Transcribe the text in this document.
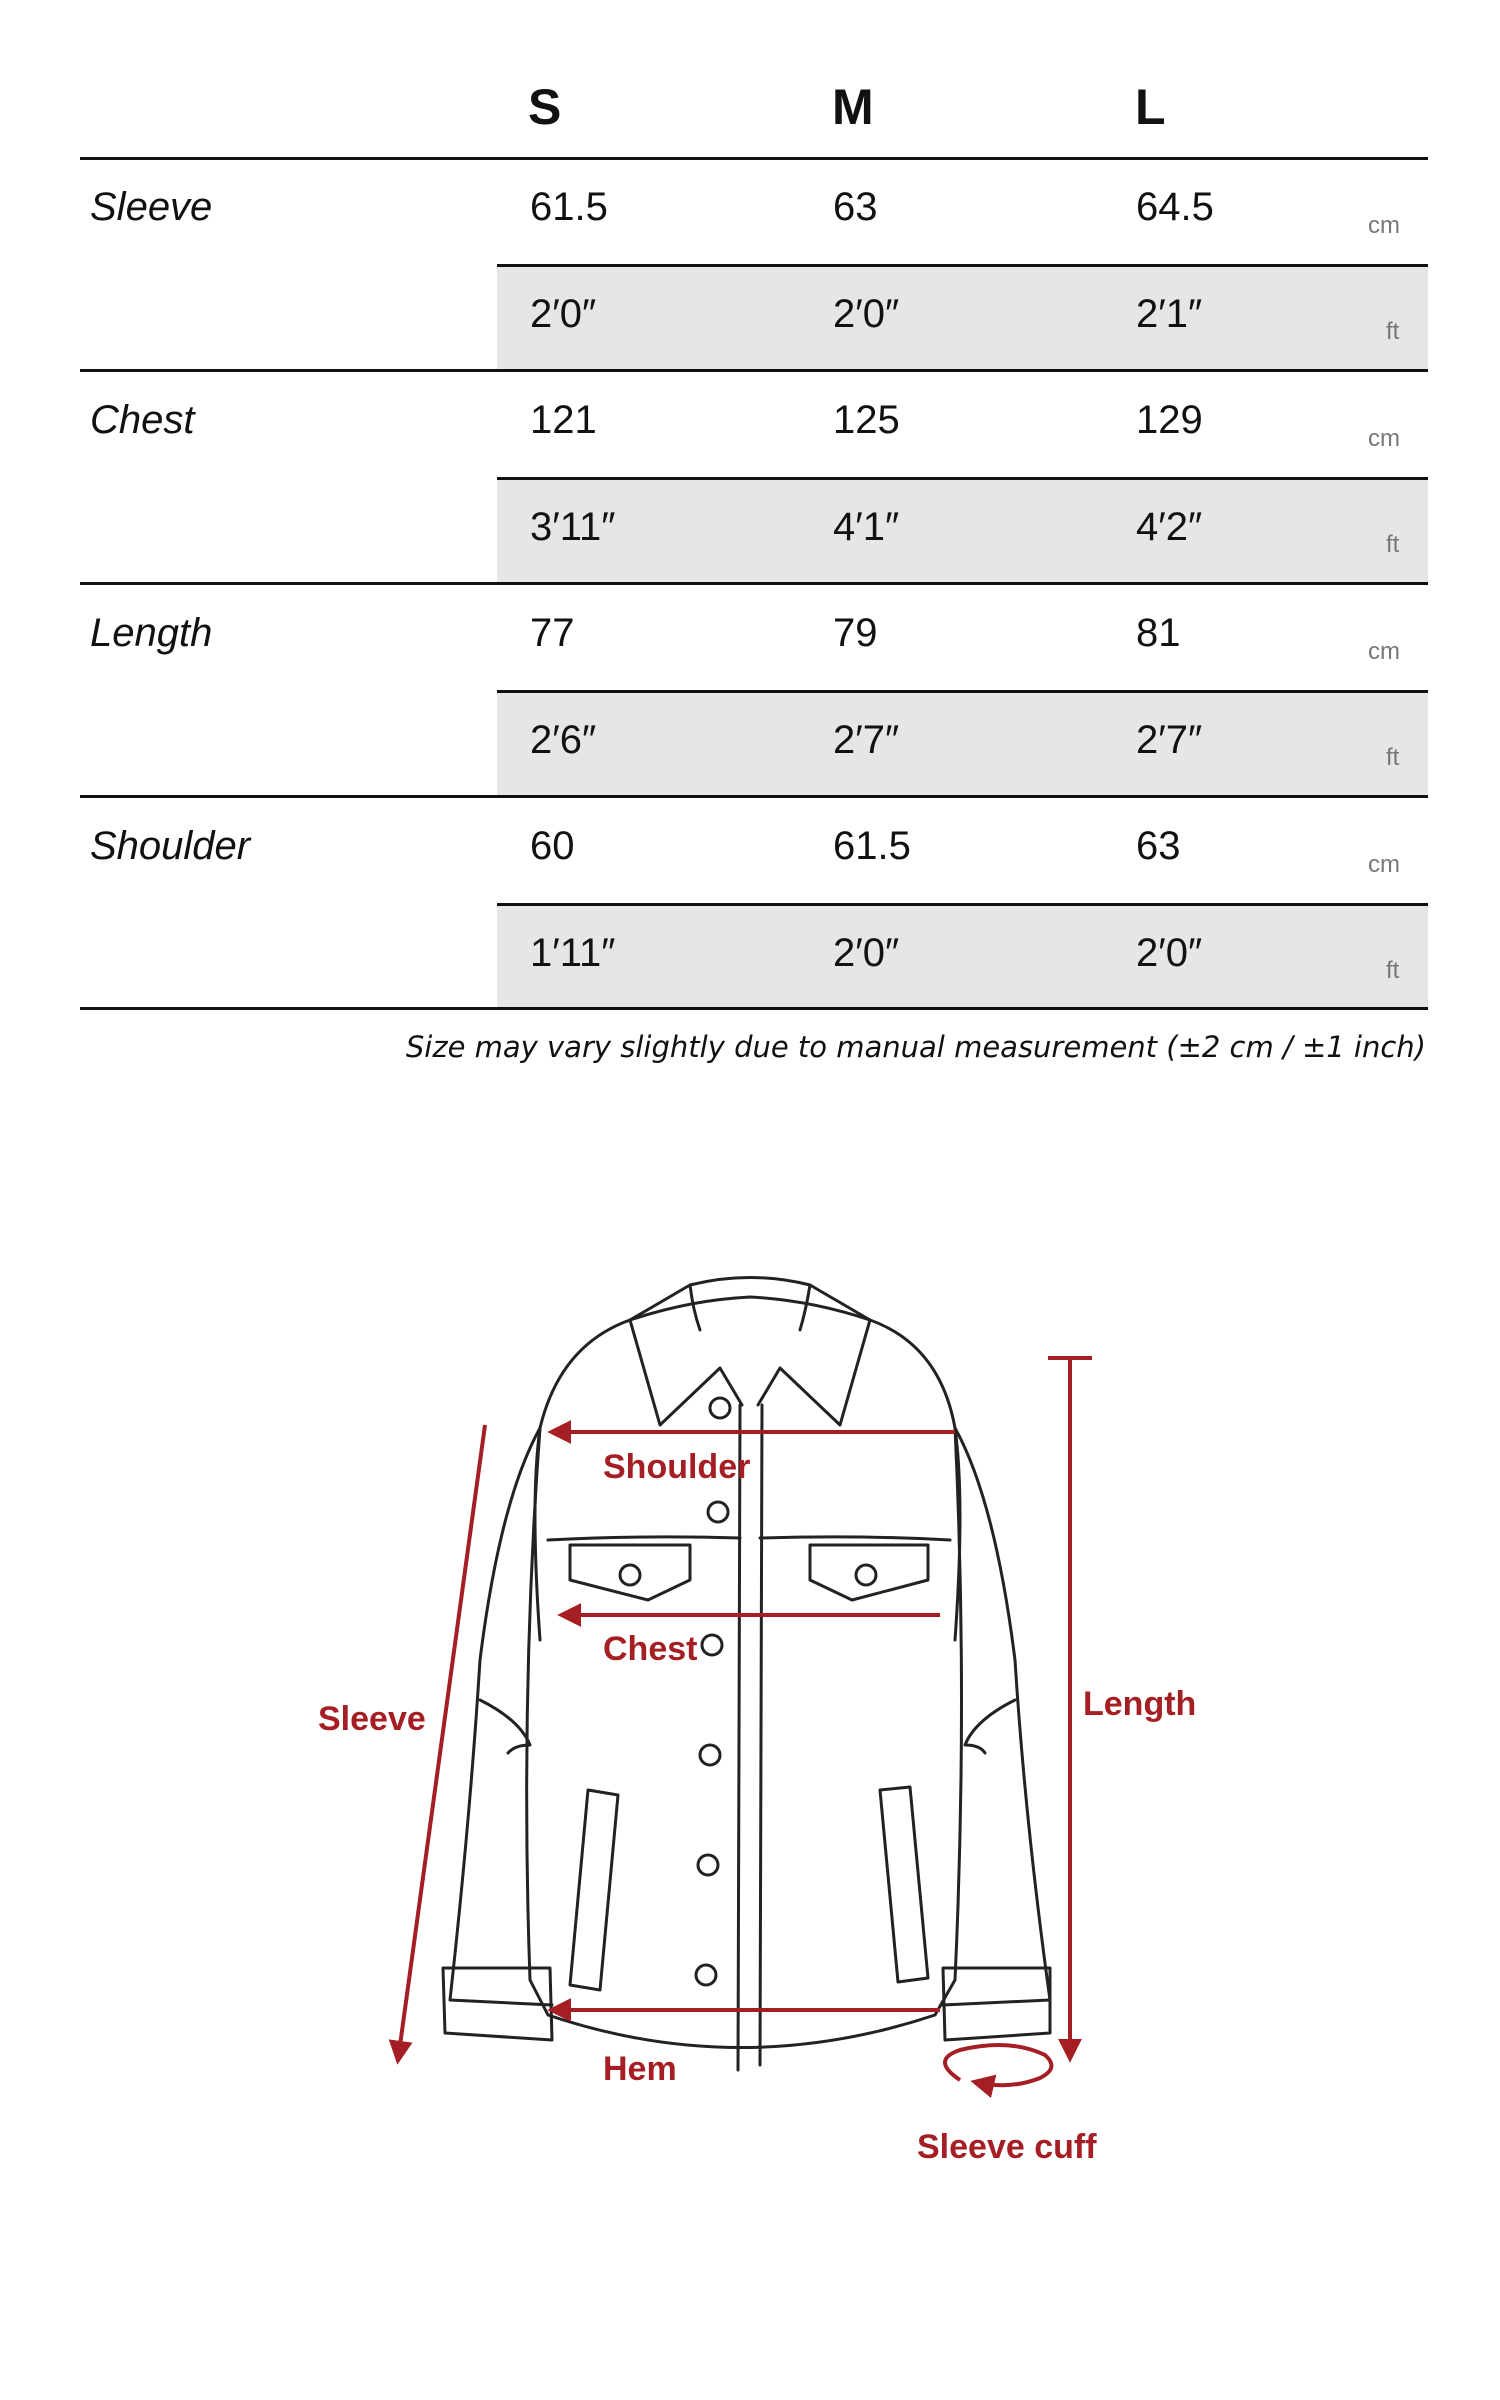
S	M	L
Sleeve	61.5	63	64.5	cm
2′0″	2′0″	2′1″	ft
Chest	121	125	129	cm
3′11″	4′1″	4′2″	ft
Length	77	79	81	cm
2′6″	2′7″	2′7″	ft
Shoulder	60	61.5	63	cm
1′11″	2′0″	2′0″	ft
Size may vary slightly due to manual measurement (±2 cm / ±1 inch)
Shoulder
Chest
Sleeve	Length
Hem
Sleeve cuff
